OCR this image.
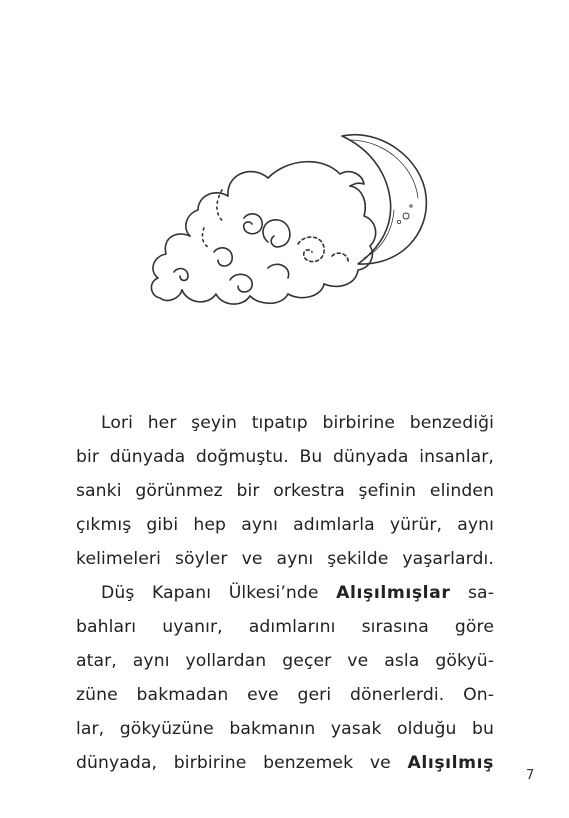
Lori her şeyin tıpatıp birbirine benzediği
bir dünyada doğmuştu. Bu dünyada insanlar,
sanki görünmez bir orkestra şefinin elinden
çıkmış gibi hep aynı adımlarla yürür, aynı
kelimeleri söyler ve aynı şekilde yaşarlardı.
Düş Kapanı Ülkesi’nde Alışılmışlar sa-
bahları uyanır, adımlarını sırasına göre
atar, aynı yollardan geçer ve asla gökyü-
züne bakmadan eve geri dönerlerdi. On-
lar, gökyüzüne bakmanın yasak olduğu bu
dünyada, birbirine benzemek ve Alışılmış
7
